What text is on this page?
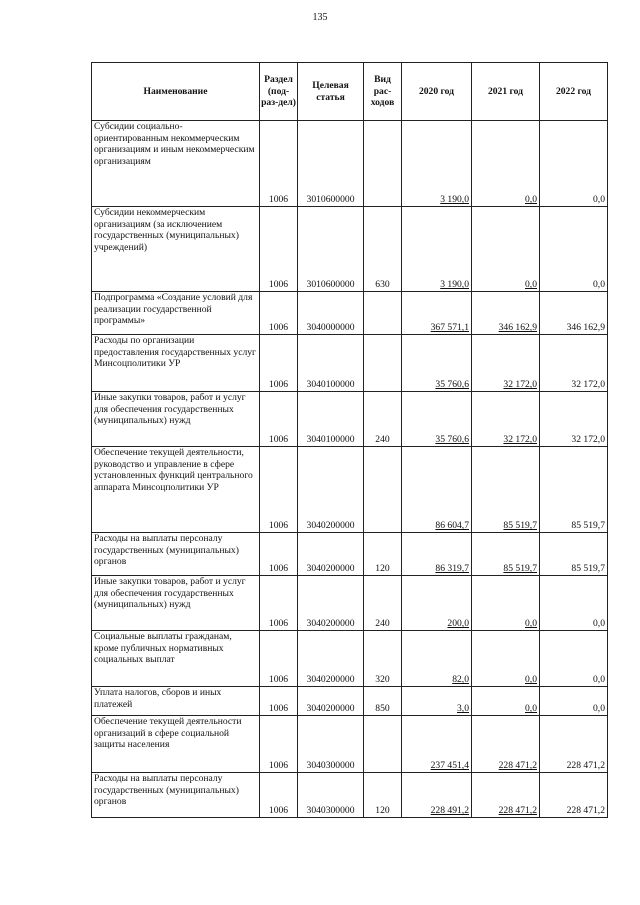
135
Наименование	Раздел (под-раз-дел)	Целевая статья	Вид рас-ходов	2020 год	2021 год	2022 год
Субсидии социально-ориентированным некоммерческим организациям и иным некоммерческим организациям	1006	3010600000		3 190,0	0,0	0,0
Субсидии некоммерческим организациям (за исключением государственных (муниципальных) учреждений)	1006	3010600000	630	3 190,0	0,0	0,0
Подпрограмма «Создание условий для реализации государственной программы»	1006	3040000000		367 571,1	346 162,9	346 162,9
Расходы по организации предоставления государственных услуг Минсоцполитики УР	1006	3040100000		35 760,6	32 172,0	32 172,0
Иные закупки товаров, работ и услуг для обеспечения государственных (муниципальных) нужд	1006	3040100000	240	35 760,6	32 172,0	32 172,0
Обеспечение текущей деятельности, руководство и управление в сфере установленных функций центрального аппарата Минсоцполитики УР	1006	3040200000		86 604,7	85 519,7	85 519,7
Расходы на выплаты персоналу государственных (муниципальных) органов	1006	3040200000	120	86 319,7	85 519,7	85 519,7
Иные закупки товаров, работ и услуг для обеспечения государственных (муниципальных) нужд	1006	3040200000	240	200,0	0,0	0,0
Социальные выплаты гражданам, кроме публичных нормативных социальных выплат	1006	3040200000	320	82,0	0,0	0,0
Уплата налогов, сборов и иных платежей	1006	3040200000	850	3,0	0,0	0,0
Обеспечение текущей деятельности организаций в сфере социальной защиты населения	1006	3040300000		237 451,4	228 471,2	228 471,2
Расходы на выплаты персоналу государственных (муниципальных) органов	1006	3040300000	120	228 491,2	228 471,2	228 471,2
